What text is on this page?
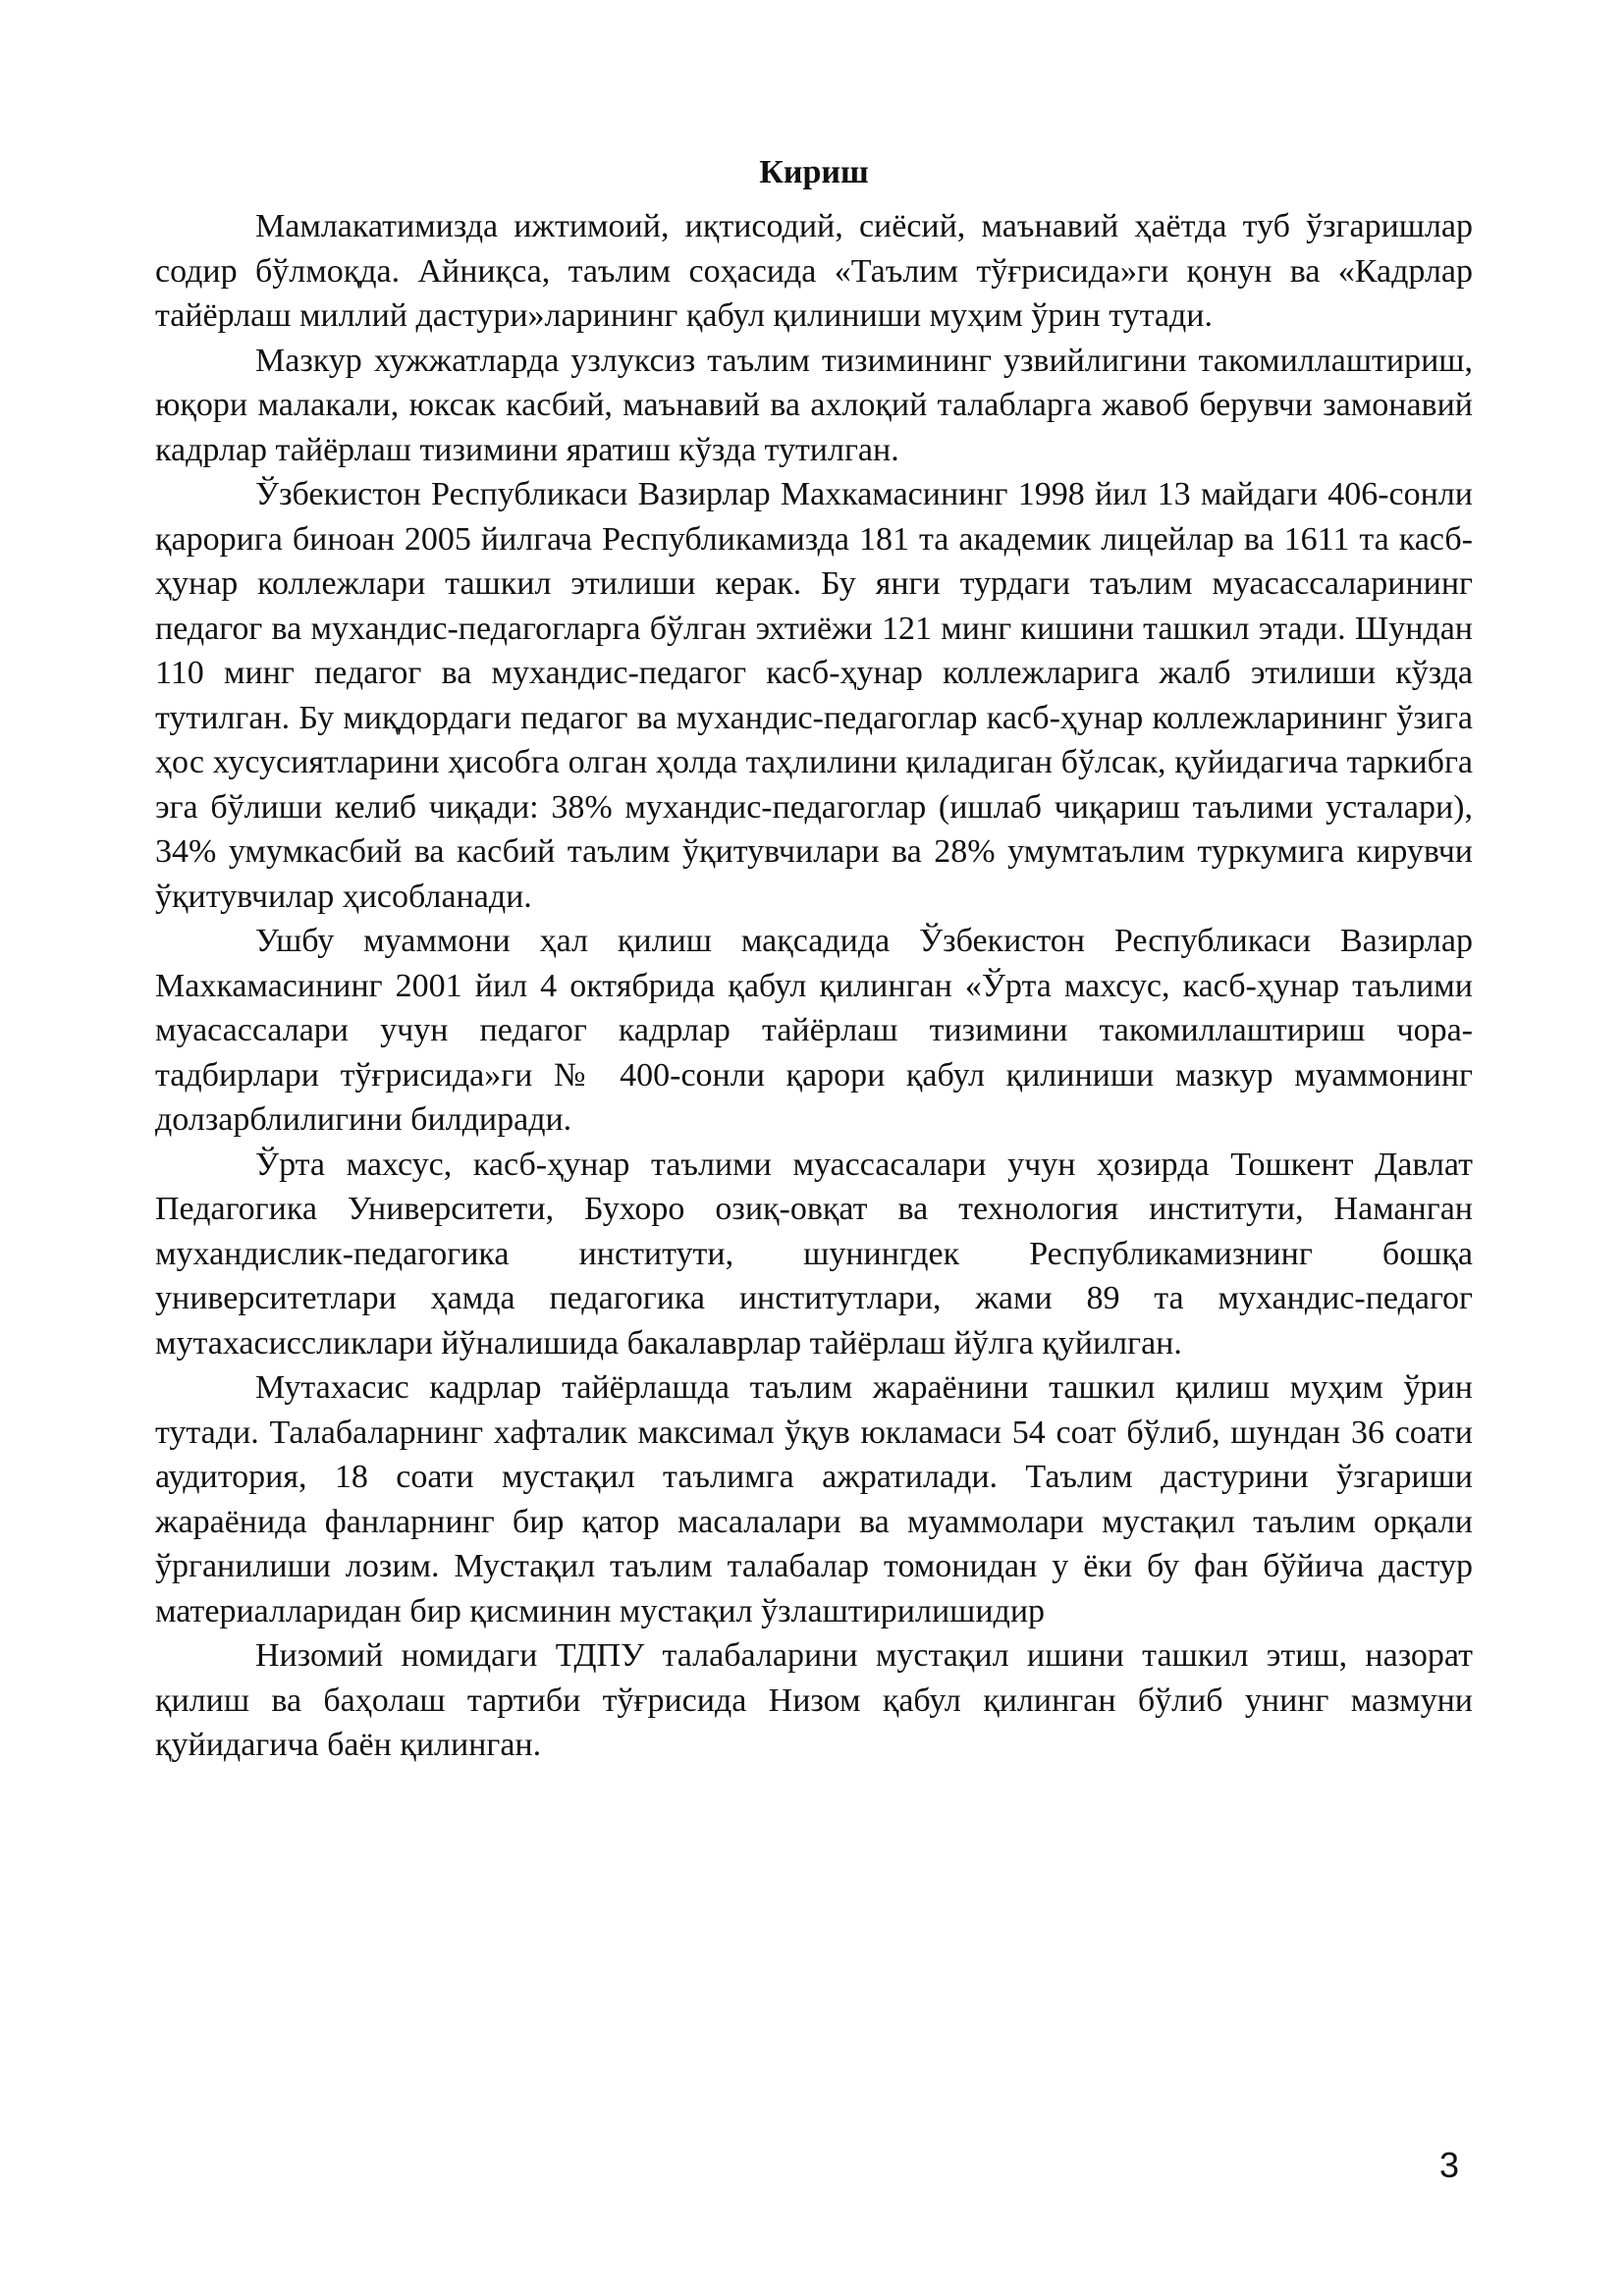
Кириш

Мамлакатимизда ижтимоий, иқтисодий, сиёсий, маънавий ҳаётда туб ўзгаришлар содир бўлмоқда. Айниқса, таълим соҳасида «Таълим тўғрисида»ги қонун ва «Кадрлар тайёрлаш миллий дастури»ларининг қабул қилиниши муҳим ўрин тутади.

Мазкур хужжатларда узлуксиз таълим тизимининг узвийлигини такомиллаштириш, юқори малакали, юксак касбий, маънавий ва ахлоқий талабларга жавоб берувчи замонавий кадрлар тайёрлаш тизимини яратиш кўзда тутилган.

Ўзбекистон Республикаси Вазирлар Махкамасининг 1998 йил 13 майдаги 406-сонли қарорига биноан 2005 йилгача Республикамизда 181 та академик лицейлар ва 1611 та касб-ҳунар коллежлари ташкил этилиши керак. Бу янги турдаги таълим муасассаларининг педагог ва мухандис-педагогларга бўлган эхтиёжи 121 минг кишини ташкил этади. Шундан 110 минг педагог ва мухандис-педагог касб-ҳунар коллежларига жалб этилиши кўзда тутилган. Бу миқдордаги педагог ва мухандис-педагоглар касб-ҳунар коллежларининг ўзига ҳос хусусиятларини ҳисобга олган ҳолда таҳлилини қиладиган бўлсак, қуйидагича таркибга эга бўлиши келиб чиқади: 38% мухандис-педагоглар (ишлаб чиқариш таълими усталари), 34% умумкасбий ва касбий таълим ўқитувчилари ва 28% умумтаълим туркумига кирувчи ўқитувчилар ҳисобланади.

Ушбу муаммони ҳал қилиш мақсадида Ўзбекистон Республикаси Вазирлар Махкамасининг 2001 йил 4 октябрида қабул қилинган «Ўрта махсус, касб-ҳунар таълими муасассалари учун педагог кадрлар тайёрлаш тизимини такомиллаштириш чора-тадбирлари тўғрисида»ги № 400-сонли қарори қабул қилиниши мазкур муаммонинг долзарблилигини билдиради.

Ўрта махсус, касб-ҳунар таълими муассасалари учун ҳозирда Тошкент Давлат Педагогика Университети, Бухоро озиқ-овқат ва технология институти, Наманган мухандислик-педагогика институти, шунингдек Республикамизнинг бошқа университетлари ҳамда педагогика институтлари, жами 89 та мухандис-педагог мутахасиссликлари йўналишида бакалаврлар тайёрлаш йўлга қуйилган.

Мутахасис кадрлар тайёрлашда таълим жараёнини ташкил қилиш муҳим ўрин тутади. Талабаларнинг хафталик максимал ўқув юкламаси 54 соат бўлиб, шундан 36 соати аудитория, 18 соати мустақил таълимга ажратилади. Таълим дастурини ўзгариши жараёнида фанларнинг бир қатор масалалари ва муаммолари мустақил таълим орқали ўрганилиши лозим. Мустақил таълим талабалар томонидан у ёки бу фан бўйича дастур материалларидан бир қисминин мустақил ўзлаштирилишидир

Низомий номидаги ТДПУ талабаларини мустақил ишини ташкил этиш, назорат қилиш ва баҳолаш тартиби тўғрисида Низом қабул қилинган бўлиб унинг мазмуни қуйидагича баён қилинган.

3
